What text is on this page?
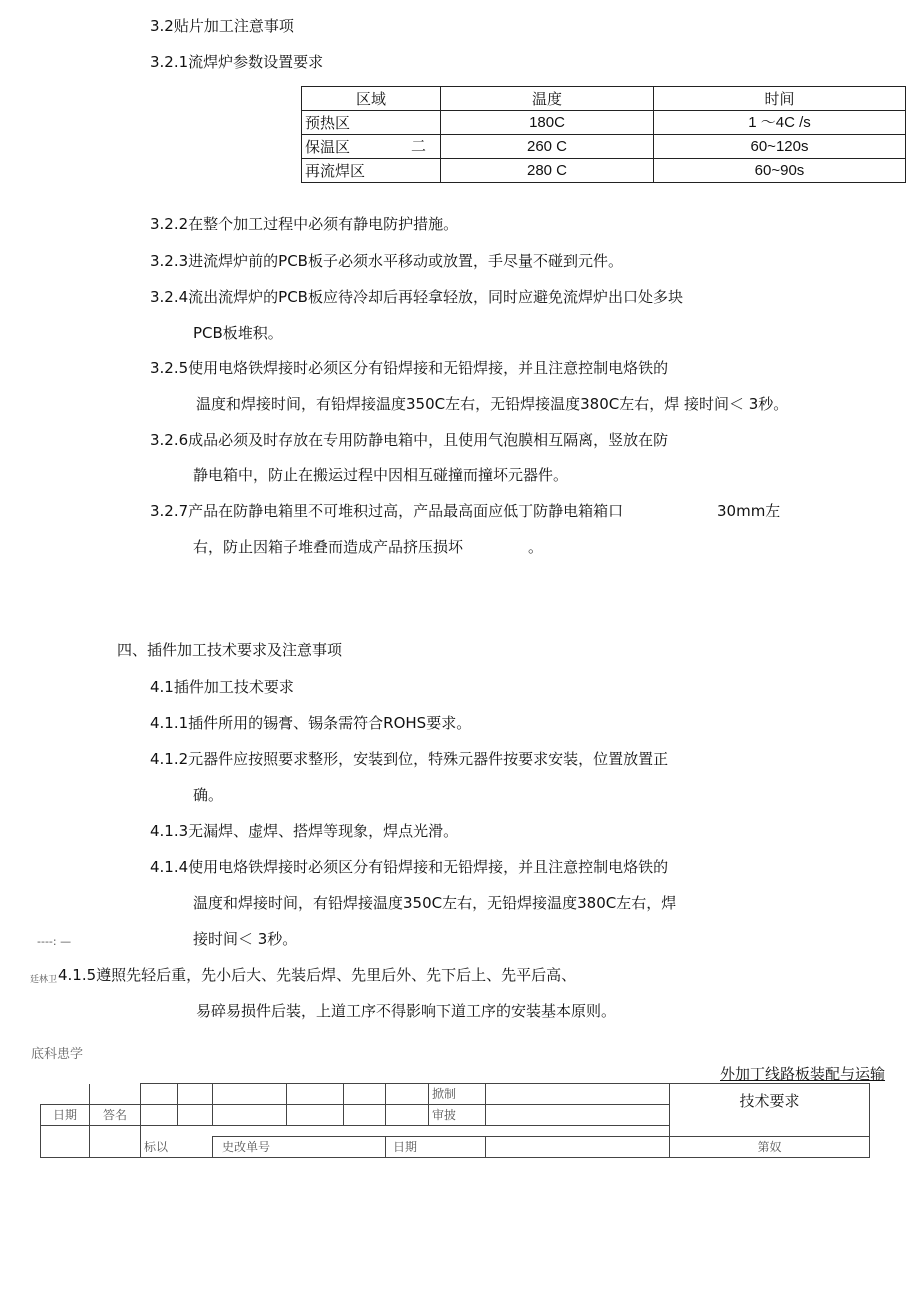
3.2贴片加工注意事项
3.2.1流焊炉参数设置要求
区域	温度	时间
预热区	180C	1 ～4C /s
保温区 二	260 C	60~120s
再流焊区	280 C	60~90s
3.2.2在整个加工过程中必须有静电防护措施。
3.2.3进流焊炉前的PCB板子必须水平移动或放置，手尽量不碰到元件。
3.2.4流出流焊炉的PCB板应待冷却后再轻拿轻放，同时应避免流焊炉出口处多块
PCB板堆积。
3.2.5使用电烙铁焊接时必须区分有铅焊接和无铅焊接，并且注意控制电烙铁的
温度和焊接时间，有铅焊接温度350C左右，无铅焊接温度380C左右，焊 接时间＜ 3秒。
3.2.6成品必须及时存放在专用防静电箱中，且使用气泡膜相互隔离，竖放在防
静电箱中，防止在搬运过程中因相互碰撞而撞坏元器件。
3.2.7产品在防静电箱里不可堆积过高，产品最高面应低丁防静电箱箱口	30mm左
右，防止因箱子堆叠而造成产品挤压损坏	。
四、插件加工技术要求及注意事项
4.1插件加工技术要求
4.1.1插件所用的锡膏、锡条需符合ROHS要求。
4.1.2元器件应按照要求整形，安装到位，特殊元器件按要求安装，位置放置正
确。
4.1.3无漏焊、虚焊、搭焊等现象，焊点光滑。
4.1.4使用电烙铁焊接时必须区分有铅焊接和无铅焊接，并且注意控制电烙铁的
温度和焊接时间，有铅焊接温度350C左右，无铅焊接温度380C左右，焊
----: —	接时间＜ 3秒。
廷林卫 4.1.5遵照先轻后重，先小后大、先装后焊、先里后外、先下后上、先平后高、
易碎易损件后装，上道工序不得影响下道工序的安装基本原则。
底科患学
外加丁线路板装配与运输
								掀制		技术要求
日期	答名							审披		

		标以		史改单号			日期			第奴
